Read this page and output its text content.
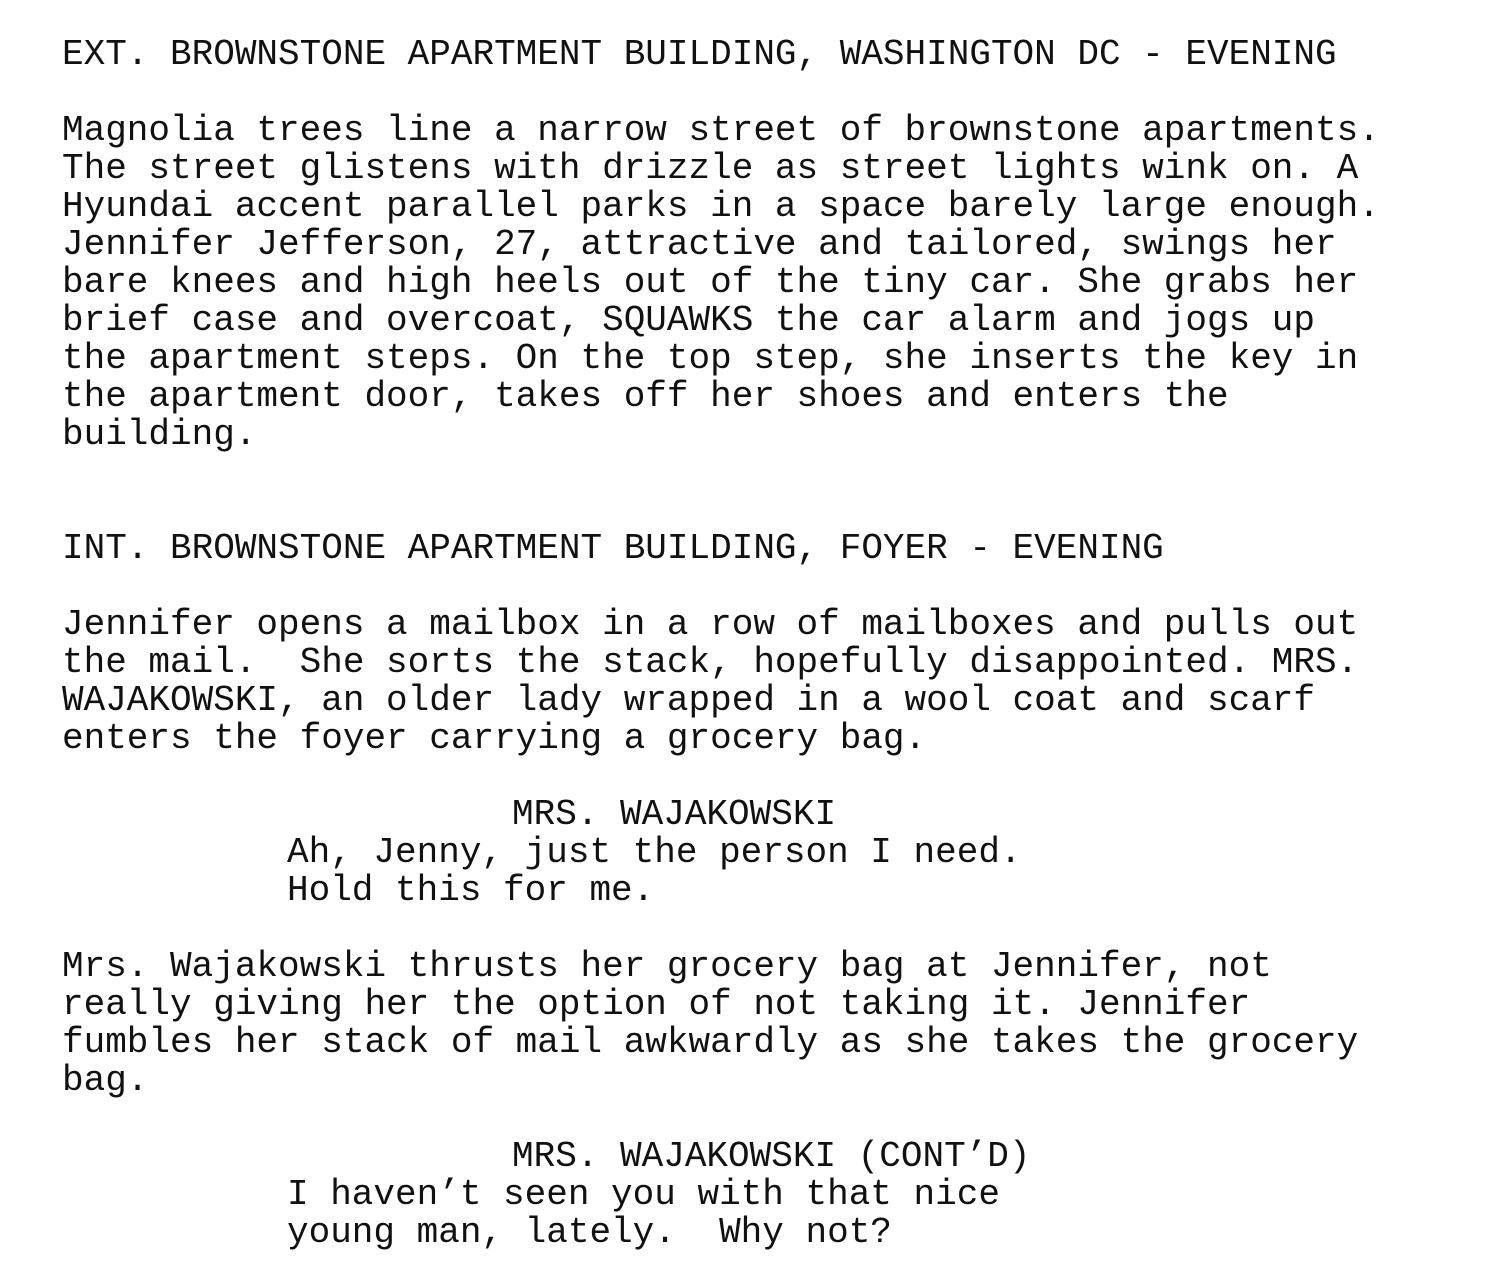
EXT. BROWNSTONE APARTMENT BUILDING, WASHINGTON DC - EVENING
Magnolia trees line a narrow street of brownstone apartments.
The street glistens with drizzle as street lights wink on. A
Hyundai accent parallel parks in a space barely large enough.
Jennifer Jefferson, 27, attractive and tailored, swings her
bare knees and high heels out of the tiny car. She grabs her
brief case and overcoat, SQUAWKS the car alarm and jogs up
the apartment steps. On the top step, she inserts the key in
the apartment door, takes off her shoes and enters the
building.
INT. BROWNSTONE APARTMENT BUILDING, FOYER - EVENING
Jennifer opens a mailbox in a row of mailboxes and pulls out
the mail.  She sorts the stack, hopefully disappointed. MRS.
WAJAKOWSKI, an older lady wrapped in a wool coat and scarf
enters the foyer carrying a grocery bag.
MRS. WAJAKOWSKI
Ah, Jenny, just the person I need.
Hold this for me.
Mrs. Wajakowski thrusts her grocery bag at Jennifer, not
really giving her the option of not taking it. Jennifer
fumbles her stack of mail awkwardly as she takes the grocery
bag.
MRS. WAJAKOWSKI (CONT’D)
I haven’t seen you with that nice
young man, lately.  Why not?
